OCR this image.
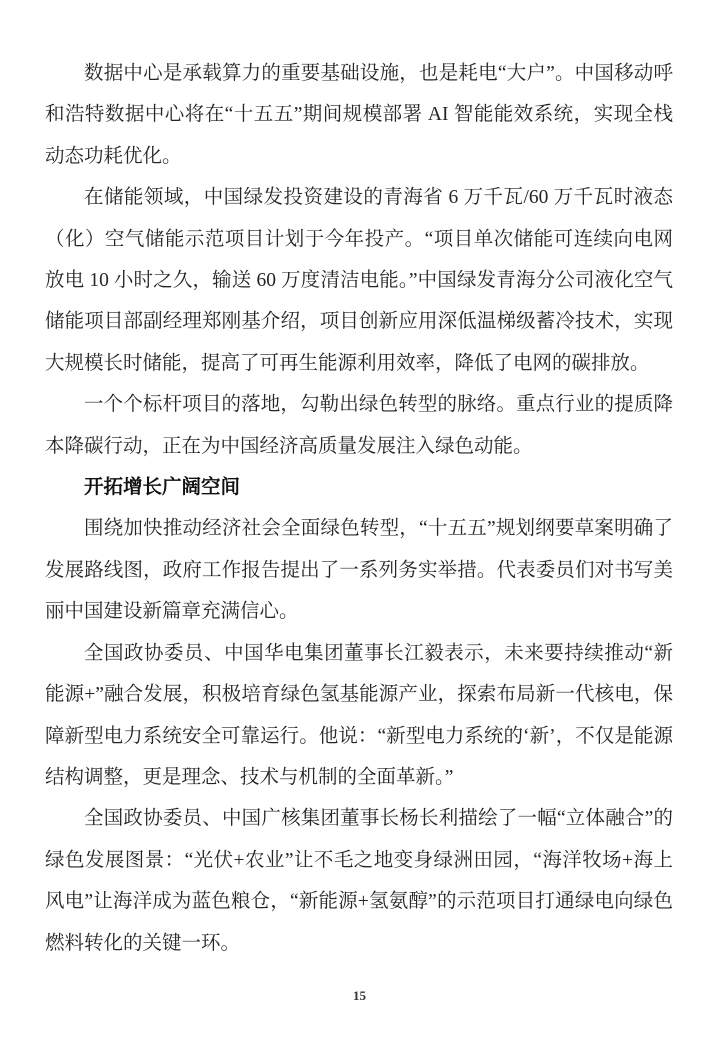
数据中心是承载算力的重要基础设施，也是耗电“大户”。中国移动呼和浩特数据中心将在“十五五”期间规模部署 AI 智能能效系统，实现全栈动态功耗优化。

在储能领域，中国绿发投资建设的青海省 6 万千瓦/60 万千瓦时液态（化）空气储能示范项目计划于今年投产。“项目单次储能可连续向电网放电 10 小时之久，输送 60 万度清洁电能。”中国绿发青海分公司液化空气储能项目部副经理郑刚基介绍，项目创新应用深低温梯级蓄冷技术，实现大规模长时储能，提高了可再生能源利用效率，降低了电网的碳排放。

一个个标杆项目的落地，勾勒出绿色转型的脉络。重点行业的提质降本降碳行动，正在为中国经济高质量发展注入绿色动能。

开拓增长广阔空间

围绕加快推动经济社会全面绿色转型，“十五五”规划纲要草案明确了发展路线图，政府工作报告提出了一系列务实举措。代表委员们对书写美丽中国建设新篇章充满信心。

全国政协委员、中国华电集团董事长江毅表示，未来要持续推动“新能源+”融合发展，积极培育绿色氢基能源产业，探索布局新一代核电，保障新型电力系统安全可靠运行。他说：“新型电力系统的‘新’，不仅是能源结构调整，更是理念、技术与机制的全面革新。”

全国政协委员、中国广核集团董事长杨长利描绘了一幅“立体融合”的绿色发展图景：“光伏+农业”让不毛之地变身绿洲田园，“海洋牧场+海上风电”让海洋成为蓝色粮仓，“新能源+氢氨醇”的示范项目打通绿电向绿色燃料转化的关键一环。

15
